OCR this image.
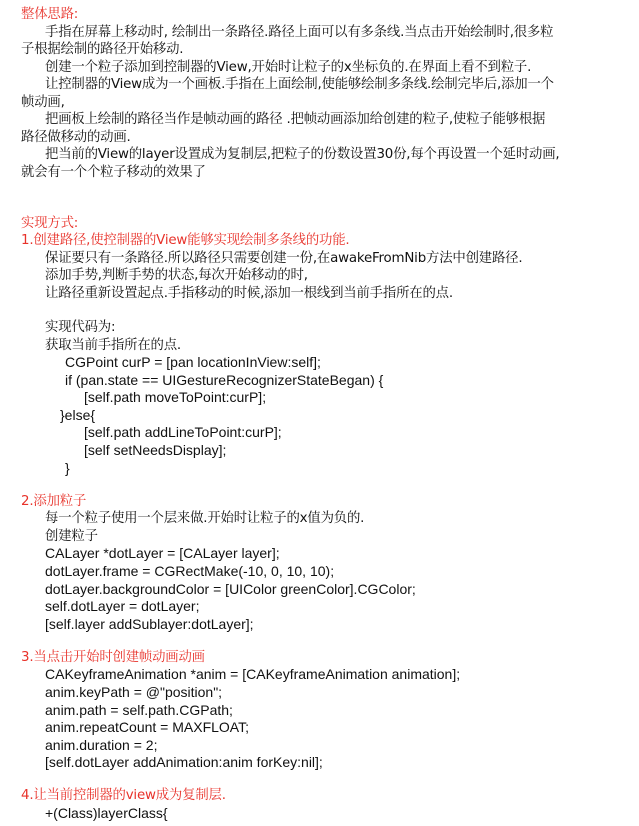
整体思路:
手指在屏幕上移动时, 绘制出一条路径.路径上面可以有多条线.当点击开始绘制时,很多粒
子根据绘制的路径开始移动.
创建一个粒子添加到控制器的View,开始时让粒子的x坐标负的.在界面上看不到粒子.
让控制器的View成为一个画板.手指在上面绘制,使能够绘制多条线.绘制完毕后,添加一个
帧动画,
把画板上绘制的路径当作是帧动画的路径 .把帧动画添加给创建的粒子,使粒子能够根据
路径做移动的动画.
把当前的View的layer设置成为复制层,把粒子的份数设置30份,每个再设置一个延时动画,
就会有一个个粒子移动的效果了
实现方式:
1.创建路径,使控制器的View能够实现绘制多条线的功能.
保证要只有一条路径.所以路径只需要创建一份,在awakeFromNib方法中创建路径.
添加手势,判断手势的状态,每次开始移动的时,
让路径重新设置起点.手指移动的时候,添加一根线到当前手指所在的点.
实现代码为:
获取当前手指所在的点.
CGPoint curP = [pan locationInView:self];
if (pan.state == UIGestureRecognizerStateBegan) {
[self.path moveToPoint:curP];
}else{
[self.path addLineToPoint:curP];
[self setNeedsDisplay];
}
2.添加粒子
每一个粒子使用一个层来做.开始时让粒子的x值为负的.
创建粒子
CALayer *dotLayer = [CALayer layer];
dotLayer.frame = CGRectMake(-10, 0, 10, 10);
dotLayer.backgroundColor = [UIColor greenColor].CGColor;
self.dotLayer = dotLayer;
[self.layer addSublayer:dotLayer];
3.当点击开始时创建帧动画动画
CAKeyframeAnimation *anim = [CAKeyframeAnimation animation];
anim.keyPath = @"position";
anim.path = self.path.CGPath;
anim.repeatCount = MAXFLOAT;
anim.duration = 2;
[self.dotLayer addAnimation:anim forKey:nil];
4.让当前控制器的view成为复制层.
+(Class)layerClass{
